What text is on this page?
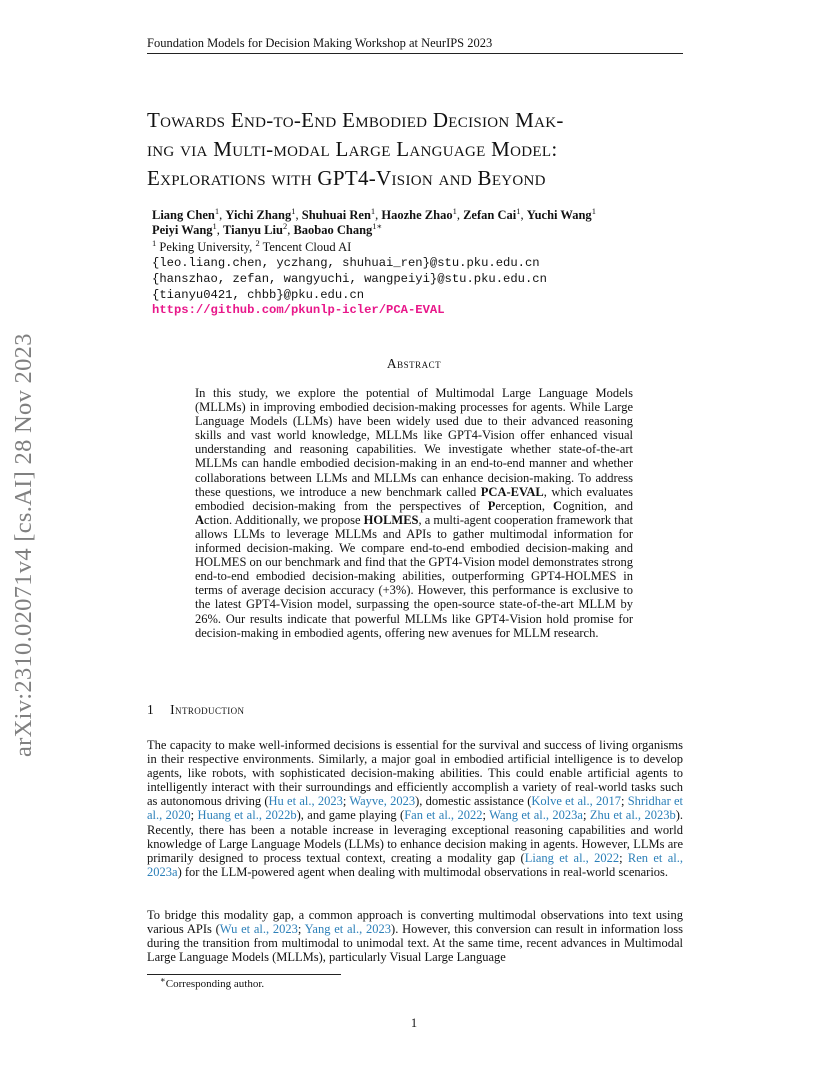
Foundation Models for Decision Making Workshop at NeurIPS 2023
Towards End-to-End Embodied Decision Mak-
ing via Multi-modal Large Language Model:
Explorations with GPT4-Vision and Beyond
Liang Chen$^1$, Yichi Zhang$^1$, Shuhuai Ren$^1$, Haozhe Zhao$^1$, Zefan Cai$^1$, Yuchi Wang$^1$
Peiyi Wang$^1$, Tianyu Liu$^2$, Baobao Chang$^{1∗}$
$^1$ Peking University, $^2$ Tencent Cloud AI
{leo.liang.chen, yczhang, shuhuai_ren}@stu.pku.edu.cn
{hanszhao, zefan, wangyuchi, wangpeiyi}@stu.pku.edu.cn
{tianyu0421, chbb}@pku.edu.cn
https://github.com/pkunlp-icler/PCA-EVAL
Abstract
In this study, we explore the potential of Multimodal Large Language Models (MLLMs) in improving embodied decision-making processes for agents. While Large Language Models (LLMs) have been widely used due to their advanced reasoning skills and vast world knowledge, MLLMs like GPT4-Vision offer enhanced visual understanding and reasoning capabilities. We investigate whether state-of-the-art MLLMs can handle embodied decision-making in an end-to-end manner and whether collaborations between LLMs and MLLMs can enhance decision-making. To address these questions, we introduce a new benchmark called PCA-EVAL, which evaluates embodied decision-making from the perspectives of Perception, Cognition, and Action. Additionally, we propose HOLMES, a multi-agent cooperation framework that allows LLMs to leverage MLLMs and APIs to gather multimodal information for informed decision-making. We compare end-to-end embodied decision-making and HOLMES on our benchmark and find that the GPT4-Vision model demonstrates strong end-to-end embodied decision-making abilities, outperforming GPT4-HOLMES in terms of average decision accuracy (+3%). However, this performance is exclusive to the latest GPT4-Vision model, surpassing the open-source state-of-the-art MLLM by 26%. Our results indicate that powerful MLLMs like GPT4-Vision hold promise for decision-making in embodied agents, offering new avenues for MLLM research.
1 Introduction
The capacity to make well-informed decisions is essential for the survival and success of living organisms in their respective environments. Similarly, a major goal in embodied artificial intelligence is to develop agents, like robots, with sophisticated decision-making abilities. This could enable artificial agents to intelligently interact with their surroundings and efficiently accomplish a variety of real-world tasks such as autonomous driving (Hu et al., 2023; Wayve, 2023), domestic assistance (Kolve et al., 2017; Shridhar et al., 2020; Huang et al., 2022b), and game playing (Fan et al., 2022; Wang et al., 2023a; Zhu et al., 2023b). Recently, there has been a notable increase in leveraging exceptional reasoning capabilities and world knowledge of Large Language Models (LLMs) to enhance decision making in agents. However, LLMs are primarily designed to process textual context, creating a modality gap (Liang et al., 2022; Ren et al., 2023a) for the LLM-powered agent when dealing with multimodal observations in real-world scenarios.
To bridge this modality gap, a common approach is converting multimodal observations into text using various APIs (Wu et al., 2023; Yang et al., 2023). However, this conversion can result in information loss during the transition from multimodal to unimodal text. At the same time, recent advances in Multimodal Large Language Models (MLLMs), particularly Visual Large Language
∗Corresponding author.
1
arXiv:2310.02071v4 [cs.AI] 28 Nov 2023
